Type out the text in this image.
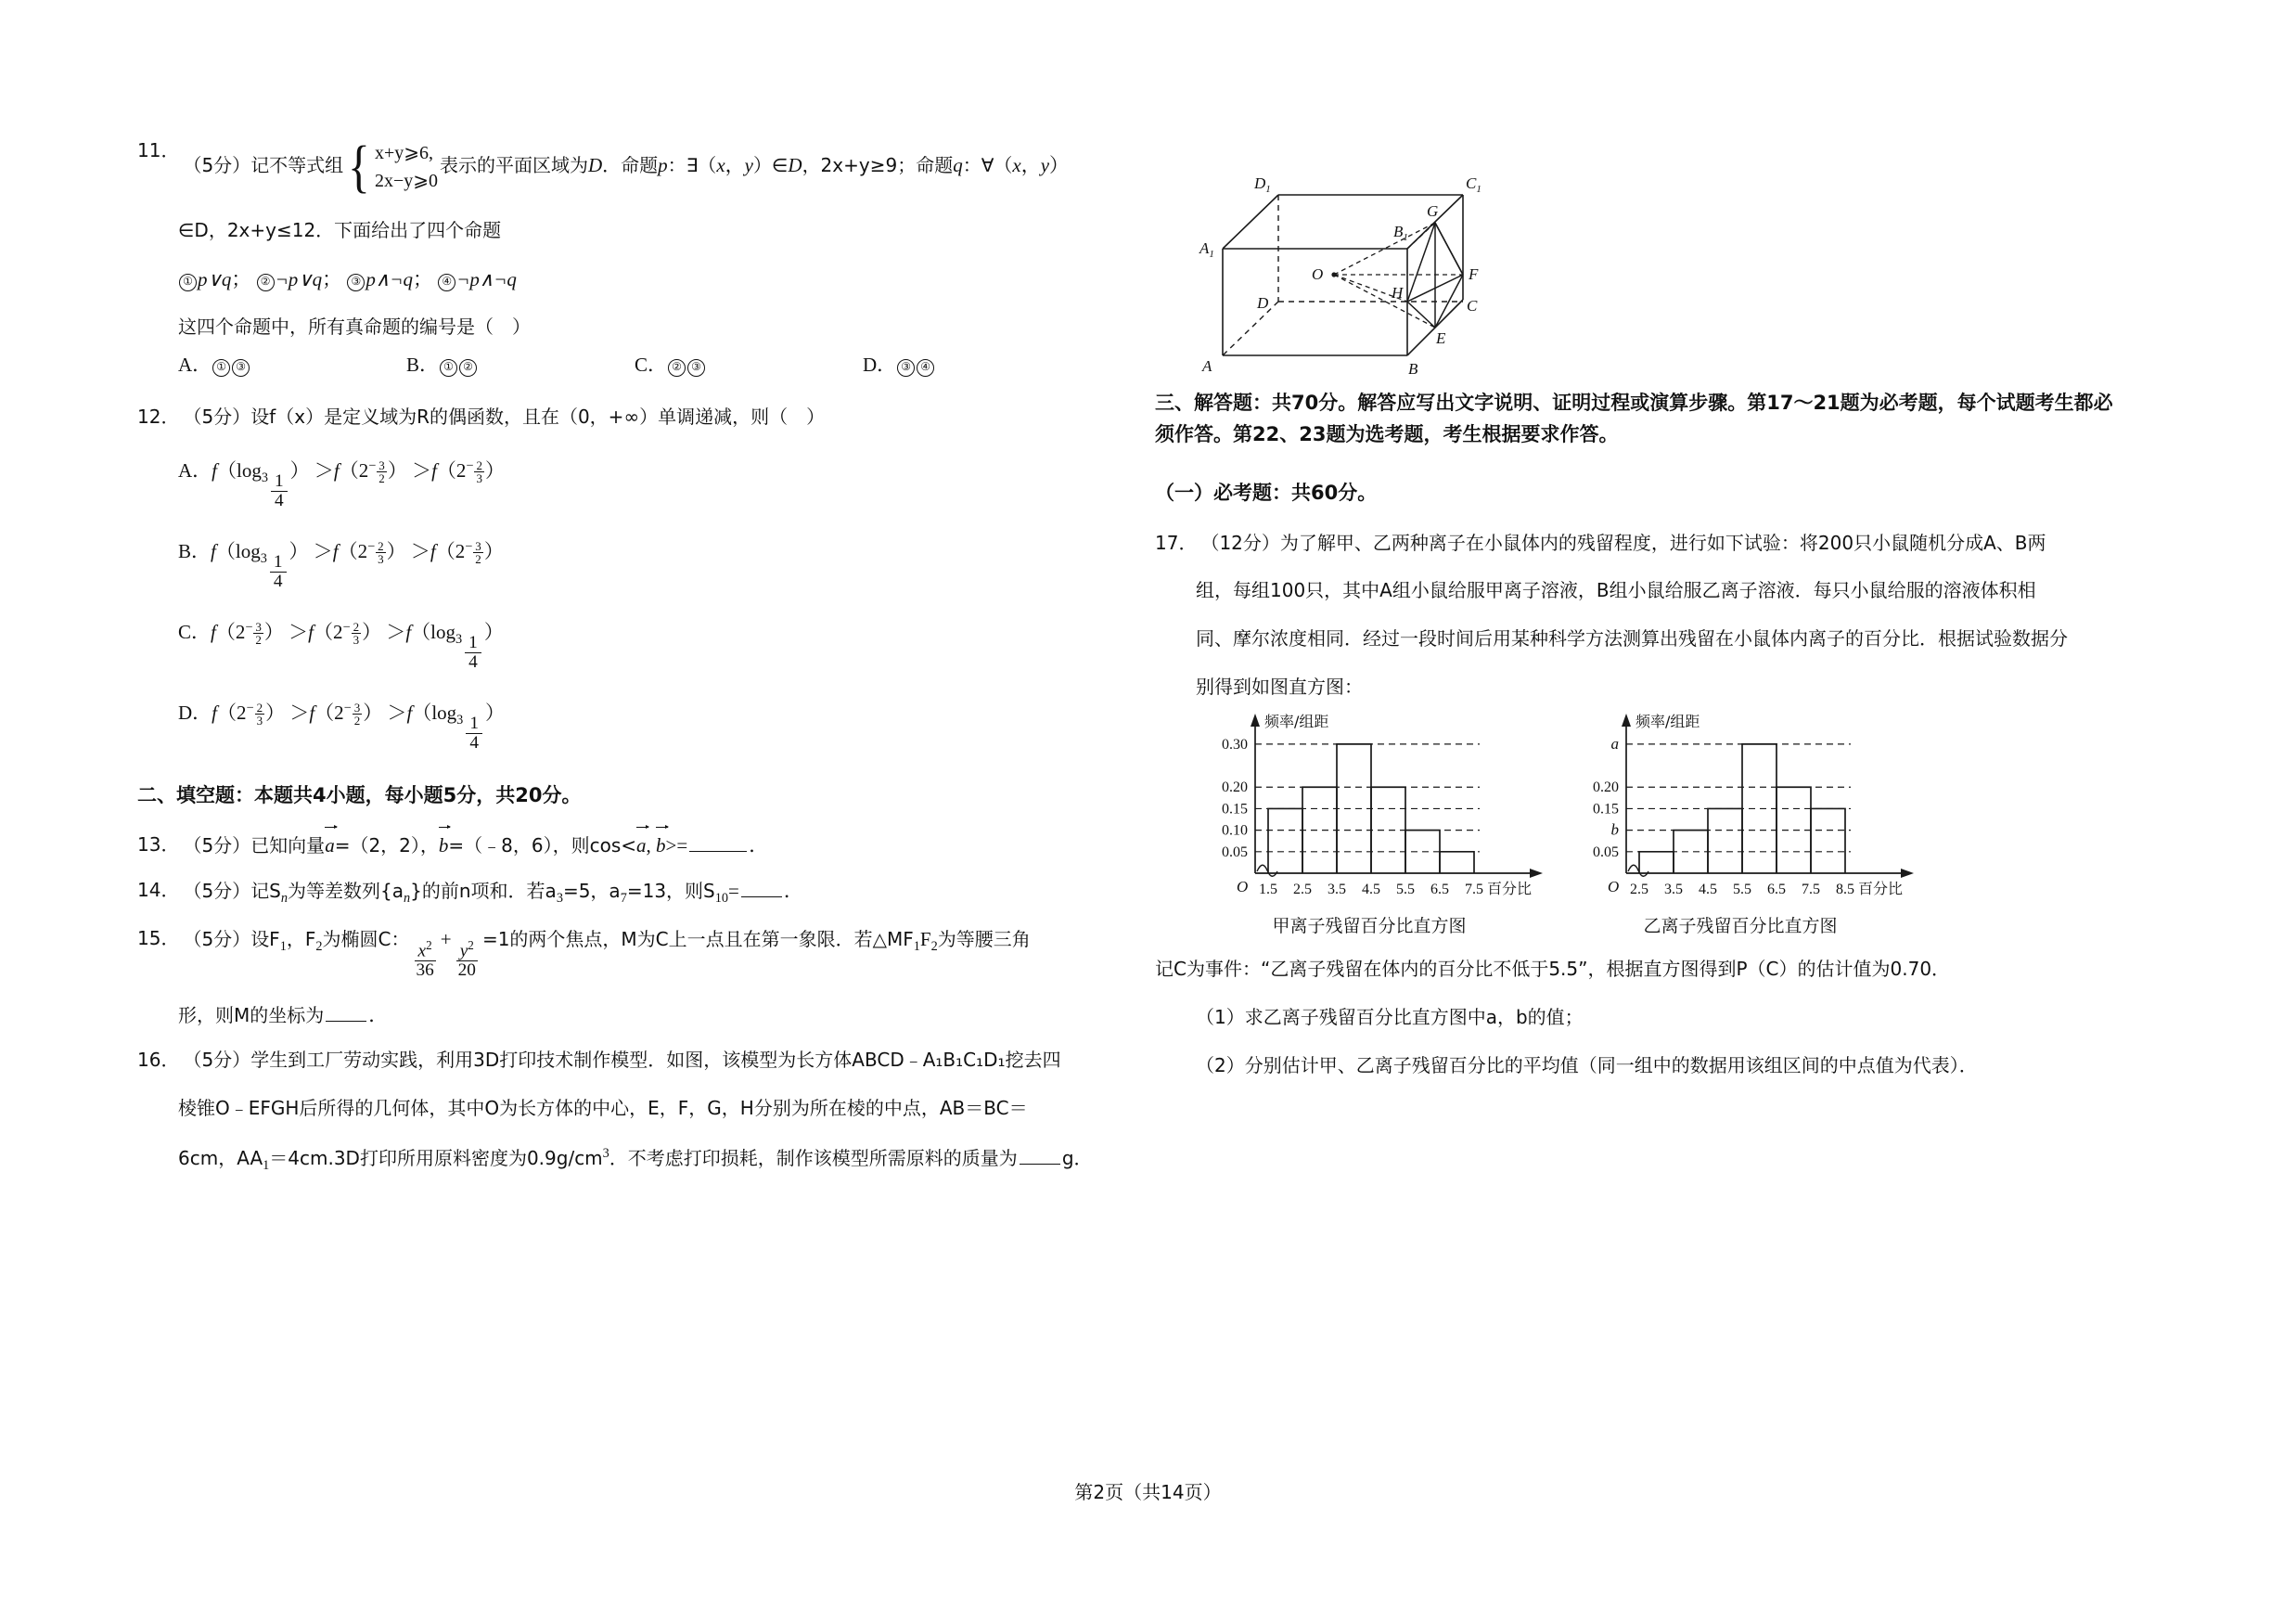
11．
（5分）记不等式组 { x+y⩾6,
2x−y⩾0
表示的平面区域为D．命题p：∃（x，y）∈D，2x+y≥9；命题q：∀（x，y）
∈D，2x+y≤12．下面给出了四个命题
① p∨q； ② ¬p∨q； ③ p∧¬q； ④ ¬p∧¬q
这四个命题中，所有真命题的编号是（　）
A． ① ③	B． ① ②	C． ② ③	D． ③ ④
12． （5分）设f（x）是定义域为R的偶函数，且在（0，+∞）单调递减，则（　）
A．$f(\log_3 \frac{1}{4}$
） $>f(2^- \frac{3}{2}$ ） $>f(2^- \frac{2}{3}$ ）
B．$f(\log_3 \frac{1}{4}$
） $>f(2^- \frac{2}{3}$ ） $>f(2^- \frac{3}{2}$ ）
C．$f(2^- \frac{3}{2}$ ） $>f(2^- \frac{2}{3}$ ） $>f(\log_3 \frac{1}{4}$
）
D．$f(2^- \frac{2}{3}$ ） $>f(2^- \frac{3}{2}$ ） $>f(\log_3 \frac{1}{4}$
）
二、填空题：本题共4小题，每小题5分，共20分。
13． （5分）已知向量
a=（2，2），
b=（﹣8，6），则cos<
a, b>=	．
14． （5分）记$S_n$为等差数列$\{a_n\}$的前n项和．若$a_3=5$，$a_7=13$，则$S_{10}=$ ．
15． （5分）设$F_1$，$F_2$为椭圆C： $\frac{x^2}{36} + \frac{y^2}{20} =1$的两个焦点，M为C上一点且在第一象限．若$\triangle MF_1F_2$为等腰三角
形，则M的坐标为 ．
16． （5分）学生到工厂劳动实践，利用3D打印技术制作模型．如图，该模型为长方体ABCD﹣A₁B₁C₁D₁挖去四
棱锥O﹣EFGH后所得的几何体，其中O为长方体的中心，E，F，G，H分别为所在棱的中点，AB＝BC＝
6cm，$AA_1=4cm.3D$打印所用原料密度为$0.9g/cm^3$．不考虑打印损耗，制作该模型所需原料的质量为 g．
$D_1$	$C_1$
$A_1$
$B_1$
G
F
O
D
H
C
E
A	B
三、解答题：共70分。解答应写出文字说明、证明过程或演算步骤。第17～21题为必考题，每个试题考生都必
须作答。第22、23题为选考题，考生根据要求作答。
（一）必考题：共60分。
17． （12分）为了解甲、乙两种离子在小鼠体内的残留程度，进行如下试验：将200只小鼠随机分成A、B两
组，每组100只，其中A组小鼠给服甲离子溶液，B组小鼠给服乙离子溶液．每只小鼠给服的溶液体积相
同、摩尔浓度相同．经过一段时间后用某种科学方法测算出残留在小鼠体内离子的百分比．根据试验数据分
别得到如图直方图：
0.05
0.10
0.15
0.20
0.30
1.5 2.5 3.5 4.5 5.5 6.5 7.5
频率/组距
百分比
O
甲离子残留百分比直方图
0.05
b
0.15
0.20
a
2.5 3.5 4.5 5.5 6.5 7.5 8.5
频率/组距
百分比
O
乙离子残留百分比直方图
记C为事件：“乙离子残留在体内的百分比不低于5.5”，根据直方图得到P（C）的估计值为0.70．
（1）求乙离子残留百分比直方图中a，b的值；
（2）分别估计甲、乙离子残留百分比的平均值（同一组中的数据用该组区间的中点值为代表）．
第2页（共14页）
